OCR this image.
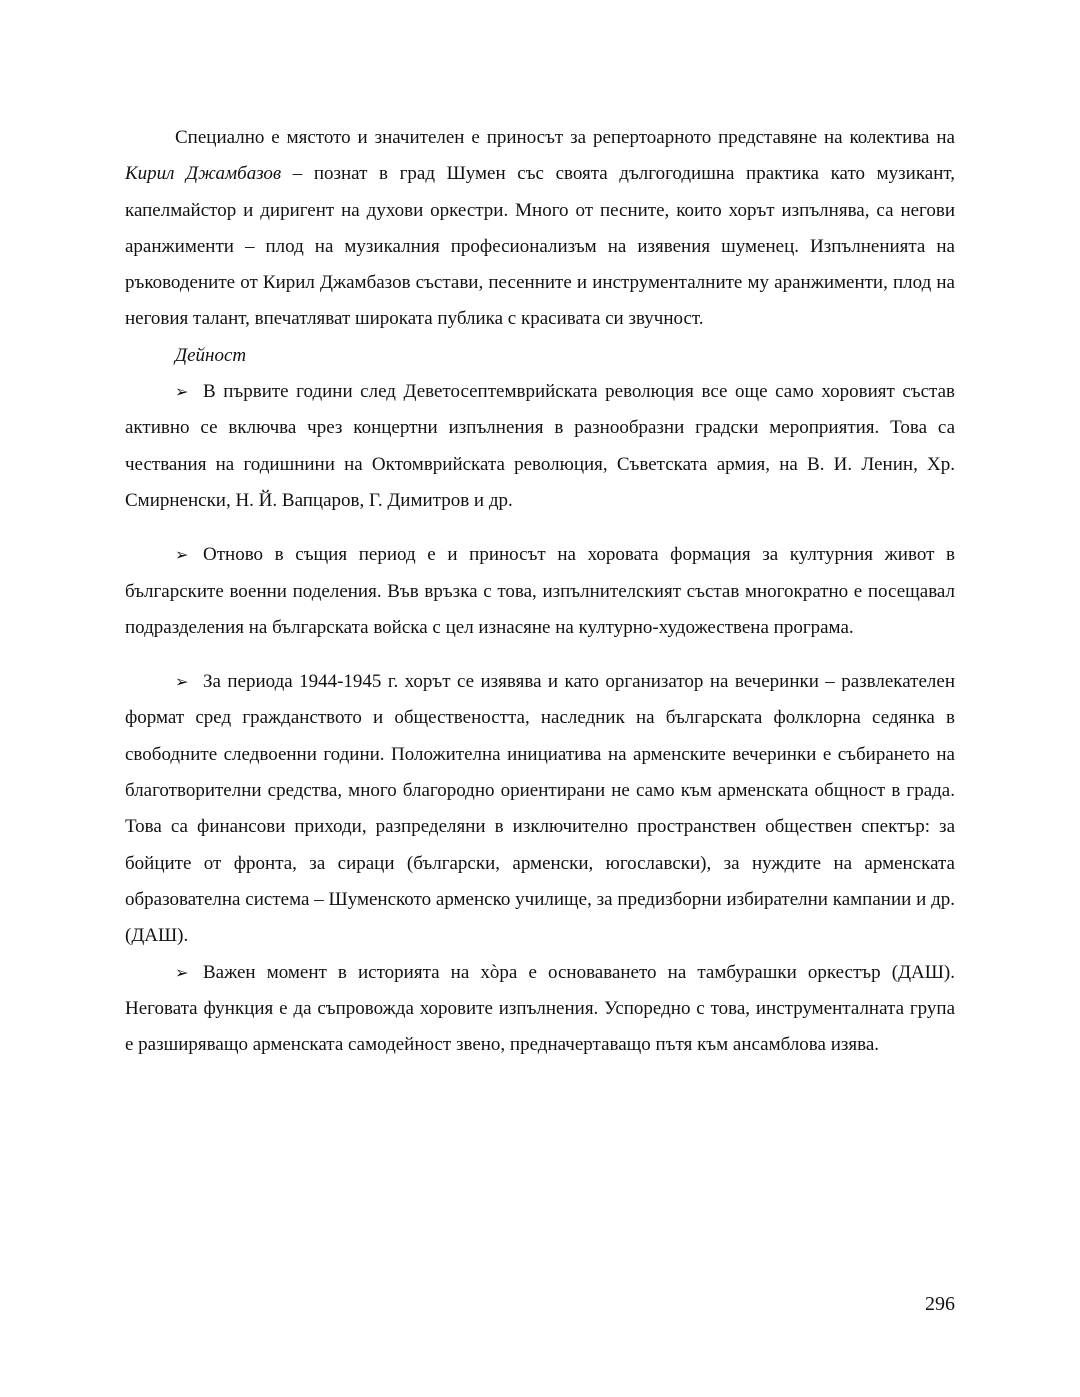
Специално е мястото и значителен е приносът за репертоарното представяне на колектива на Кирил Джамбазов – познат в град Шумен със своята дългогодишна практика като музикант, капелмайстор и диригент на духови оркестри. Много от песните, които хорът изпълнява, са негови аранжименти – плод на музикалния професионализъм на изявения шуменец. Изпълненията на ръководените от Кирил Джамбазов състави, песенните и инструменталните му аранжименти, плод на неговия талант, впечатляват широката публика с красивата си звучност.

Дейност

➢ В първите години след Деветосептемврийската революция все още само хоровият състав активно се включва чрез концертни изпълнения в разнообразни градски мероприятия. Това са чествания на годишнини на Октомврийската революция, Съветската армия, на В. И. Ленин, Хр. Смирненски, Н. Й. Вапцаров, Г. Димитров и др.

➢ Отново в същия период е и приносът на хоровата формация за културния живот в българските военни поделения. Във връзка с това, изпълнителският състав многократно е посещавал подразделения на българската войска с цел изнасяне на културно-художествена програма.

➢ За периода 1944-1945 г. хорът се изявява и като организатор на вечеринки – развлекателен формат сред гражданството и обществеността, наследник на българската фолклорна седянка в свободните следвоенни години. Положителна инициатива на арменските вечеринки е събирането на благотворителни средства, много благородно ориентирани не само към арменската общност в града. Това са финансови приходи, разпределяни в изключително пространствен обществен спектър: за бойците от фронта, за сираци (български, арменски, югославски), за нуждите на арменската образователна система – Шуменското арменско училище, за предизборни избирателни кампании и др. (ДАШ).

➢ Важен момент в историята на хòра е основаването на тамбурашки оркестър (ДАШ). Неговата функция е да съпровожда хоровите изпълнения. Успоредно с това, инструменталната група е разширяващо арменската самодейност звено, предначертаващо пътя към ансамблова изява.

296
